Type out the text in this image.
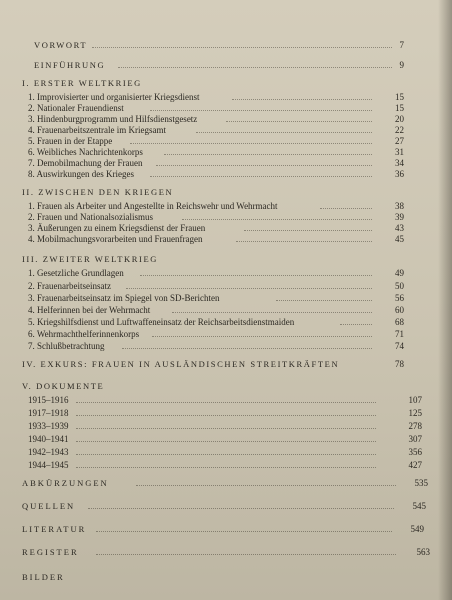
VORWORT	7
EINFÜHRUNG	9
I. ERSTER WELTKRIEG
1. Improvisierter und organisierter Kriegsdienst	15
2. Nationaler Frauendienst	15
3. Hindenburgprogramm und Hilfsdienstgesetz	20
4. Frauenarbeitszentrale im Kriegsamt	22
5. Frauen in der Etappe	27
6. Weibliches Nachrichtenkorps	31
7. Demobilmachung der Frauen	34
8. Auswirkungen des Krieges	36
II. ZWISCHEN DEN KRIEGEN
1. Frauen als Arbeiter und Angestellte in Reichswehr und Wehrmacht	38
2. Frauen und Nationalsozialismus	39
3. Äußerungen zu einem Kriegsdienst der Frauen	43
4. Mobilmachungsvorarbeiten und Frauenfragen	45
III. ZWEITER WELTKRIEG
1. Gesetzliche Grundlagen	49
2. Frauenarbeitseinsatz	50
3. Frauenarbeitseinsatz im Spiegel von SD-Berichten	56
4. Helferinnen bei der Wehrmacht	60
5. Kriegshilfsdienst und Luftwaffeneinsatz der Reichsarbeitsdienstmaiden	68
6. Wehrmachthelferinnenkorps	71
7. Schlußbetrachtung	74
IV. EXKURS: FRAUEN IN AUSLÄNDISCHEN STREITKRÄFTEN	78
V. DOKUMENTE
1915–1916	107
1917–1918	125
1933–1939	278
1940–1941	307
1942–1943	356
1944–1945	427
ABKÜRZUNGEN	535
QUELLEN	545
LITERATUR	549
REGISTER	563
BILDER
